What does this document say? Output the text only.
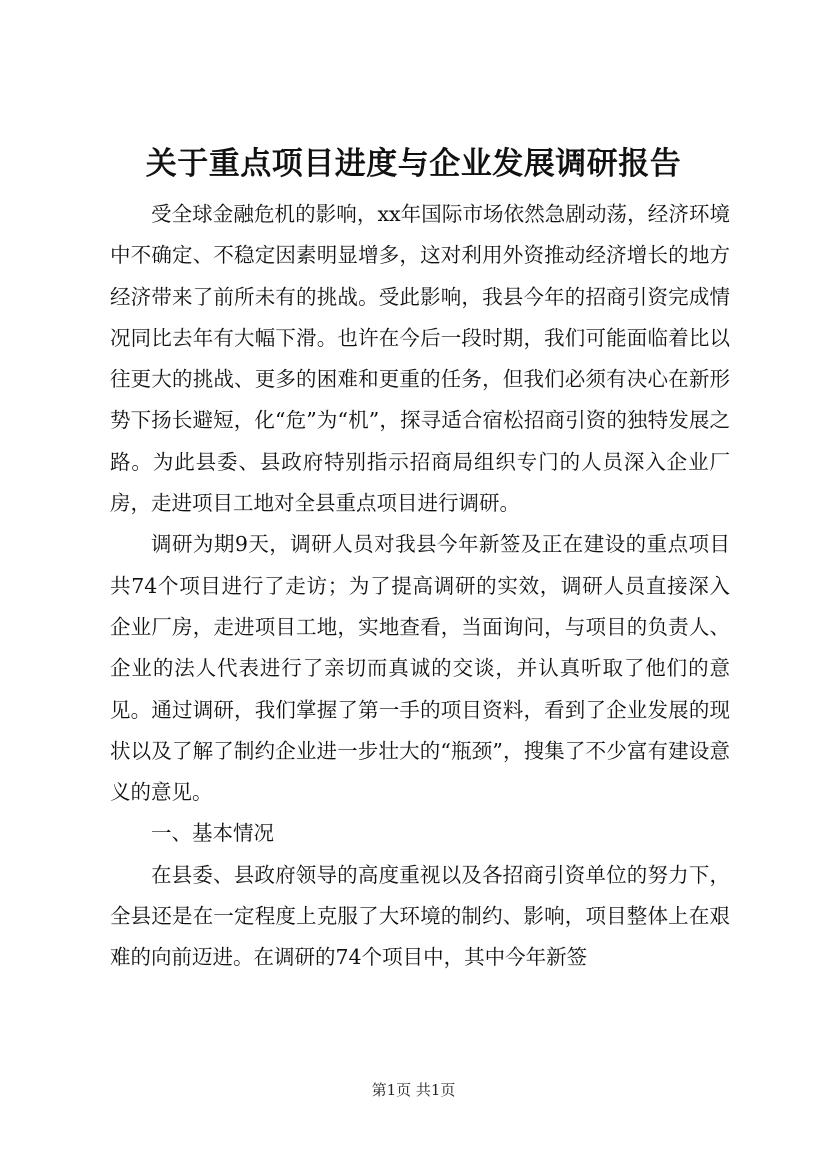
关于重点项目进度与企业发展调研报告

受全球金融危机的影响，xx年国际市场依然急剧动荡，经济环境中不确定、不稳定因素明显增多，这对利用外资推动经济增长的地方经济带来了前所未有的挑战。受此影响，我县今年的招商引资完成情况同比去年有大幅下滑。也许在今后一段时期，我们可能面临着比以往更大的挑战、更多的困难和更重的任务，但我们必须有决心在新形势下扬长避短，化“危”为“机”，探寻适合宿松招商引资的独特发展之路。为此县委、县政府特别指示招商局组织专门的人员深入企业厂房，走进项目工地对全县重点项目进行调研。

调研为期9天，调研人员对我县今年新签及正在建设的重点项目共74个项目进行了走访；为了提高调研的实效，调研人员直接深入企业厂房，走进项目工地，实地查看，当面询问，与项目的负责人、企业的法人代表进行了亲切而真诚的交谈，并认真听取了他们的意见。通过调研，我们掌握了第一手的项目资料，看到了企业发展的现状以及了解了制约企业进一步壮大的“瓶颈”，搜集了不少富有建设意义的意见。

一、基本情况

在县委、县政府领导的高度重视以及各招商引资单位的努力下，全县还是在一定程度上克服了大环境的制约、影响，项目整体上在艰难的向前迈进。在调研的74个项目中，其中今年新签

第1页 共1页
